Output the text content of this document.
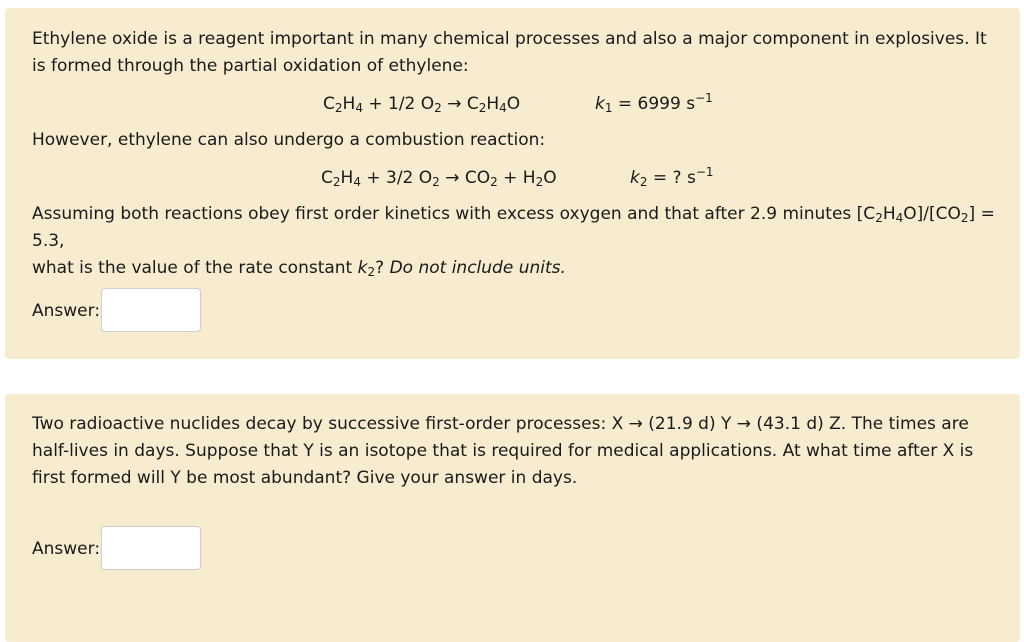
Ethylene oxide is a reagent important in many chemical processes and also a major component in explosives. It is formed through the partial oxidation of ethylene:
$C_2H_4 + 1/2$ $O_2 \to C_2H_4O$	$k_1 = 6999$ $s^{-1}$
However, ethylene can also undergo a combustion reaction:
$C_2H_4 + 3/2$ $O_2 \to CO_2 + H_2O$	$k_2$ = ? $s^{-1}$
Assuming both reactions obey first order kinetics with excess oxygen and that after 2.9 minutes $[C_2H_4O]/[CO_2] = 5.3$,
what is the value of the rate constant $k_2$? Do not include units.
Answer:
Two radioactive nuclides decay by successive first-order processes: X → (21.9 d) Y → (43.1 d) Z. The times are half-lives in days. Suppose that Y is an isotope that is required for medical applications. At what time after X is first formed will Y be most abundant? Give your answer in days.
Answer:
